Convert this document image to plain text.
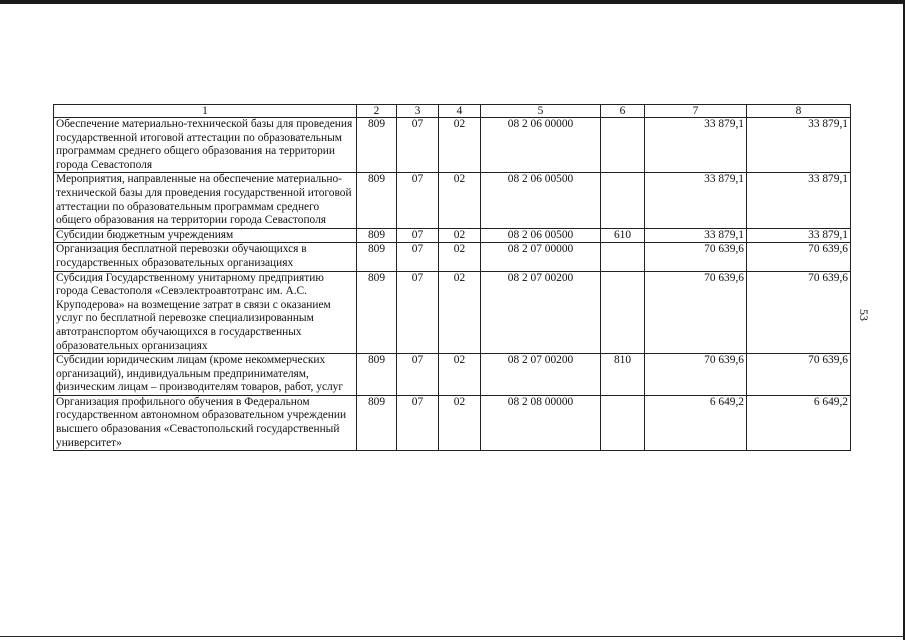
53
1	2	3	4	5	6	7	8
Обеспечение материально-технической базы для проведения государственной итоговой аттестации по образовательным программам среднего общего образования на территории города Севастополя	809	07	02	08 2 06 00000		33 879,1	33 879,1
Мероприятия, направленные на обеспечение материально-технической базы для проведения государственной итоговой аттестации по образовательным программам среднего общего образования на территории города Севастополя	809	07	02	08 2 06 00500		33 879,1	33 879,1
Субсидии бюджетным учреждениям	809	07	02	08 2 06 00500	610	33 879,1	33 879,1
Организация бесплатной перевозки обучающихся в государственных образовательных организациях	809	07	02	08 2 07 00000		70 639,6	70 639,6
Субсидия Государственному унитарному предприятию города Севастополя «Севэлектроавтотранс им. А.С. Круподерова» на возмещение затрат в связи с оказанием услуг по бесплатной перевозке специализированным автотранспортом обучающихся в государственных образовательных организациях	809	07	02	08 2 07 00200		70 639,6	70 639,6
Субсидии юридическим лицам (кроме некоммерческих организаций), индивидуальным предпринимателям, физическим лицам – производителям товаров, работ, услуг	809	07	02	08 2 07 00200	810	70 639,6	70 639,6
Организация профильного обучения в Федеральном государственном автономном образовательном учреждении высшего образования «Севастопольский государственный университет»	809	07	02	08 2 08 00000		6 649,2	6 649,2
